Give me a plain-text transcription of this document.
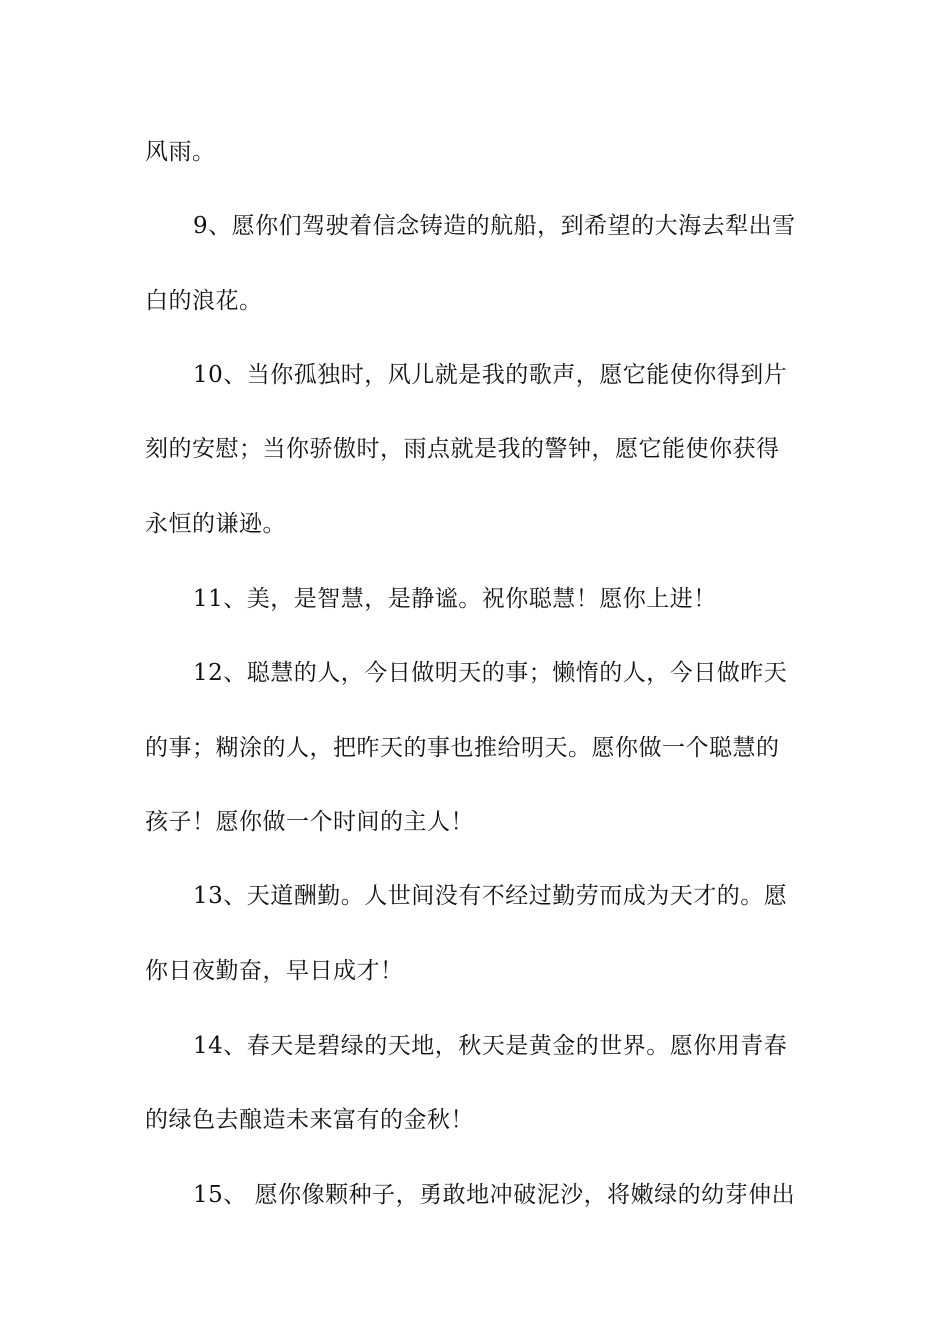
风雨。
9、愿你们驾驶着信念铸造的航船，到希望的大海去犁出雪
白的浪花。
10、当你孤独时，风儿就是我的歌声，愿它能使你得到片
刻的安慰；当你骄傲时，雨点就是我的警钟，愿它能使你获得
永恒的谦逊。
11、美，是智慧，是静谧。祝你聪慧！愿你上进！
12、聪慧的人，今日做明天的事；懒惰的人，今日做昨天
的事；糊涂的人，把昨天的事也推给明天。愿你做一个聪慧的
孩子！愿你做一个时间的主人！
13、天道酬勤。人世间没有不经过勤劳而成为天才的。愿
你日夜勤奋，早日成才！
14、春天是碧绿的天地，秋天是黄金的世界。愿你用青春
的绿色去酿造未来富有的金秋！
15、 愿你像颗种子，勇敢地冲破泥沙，将嫩绿的幼芽伸出
